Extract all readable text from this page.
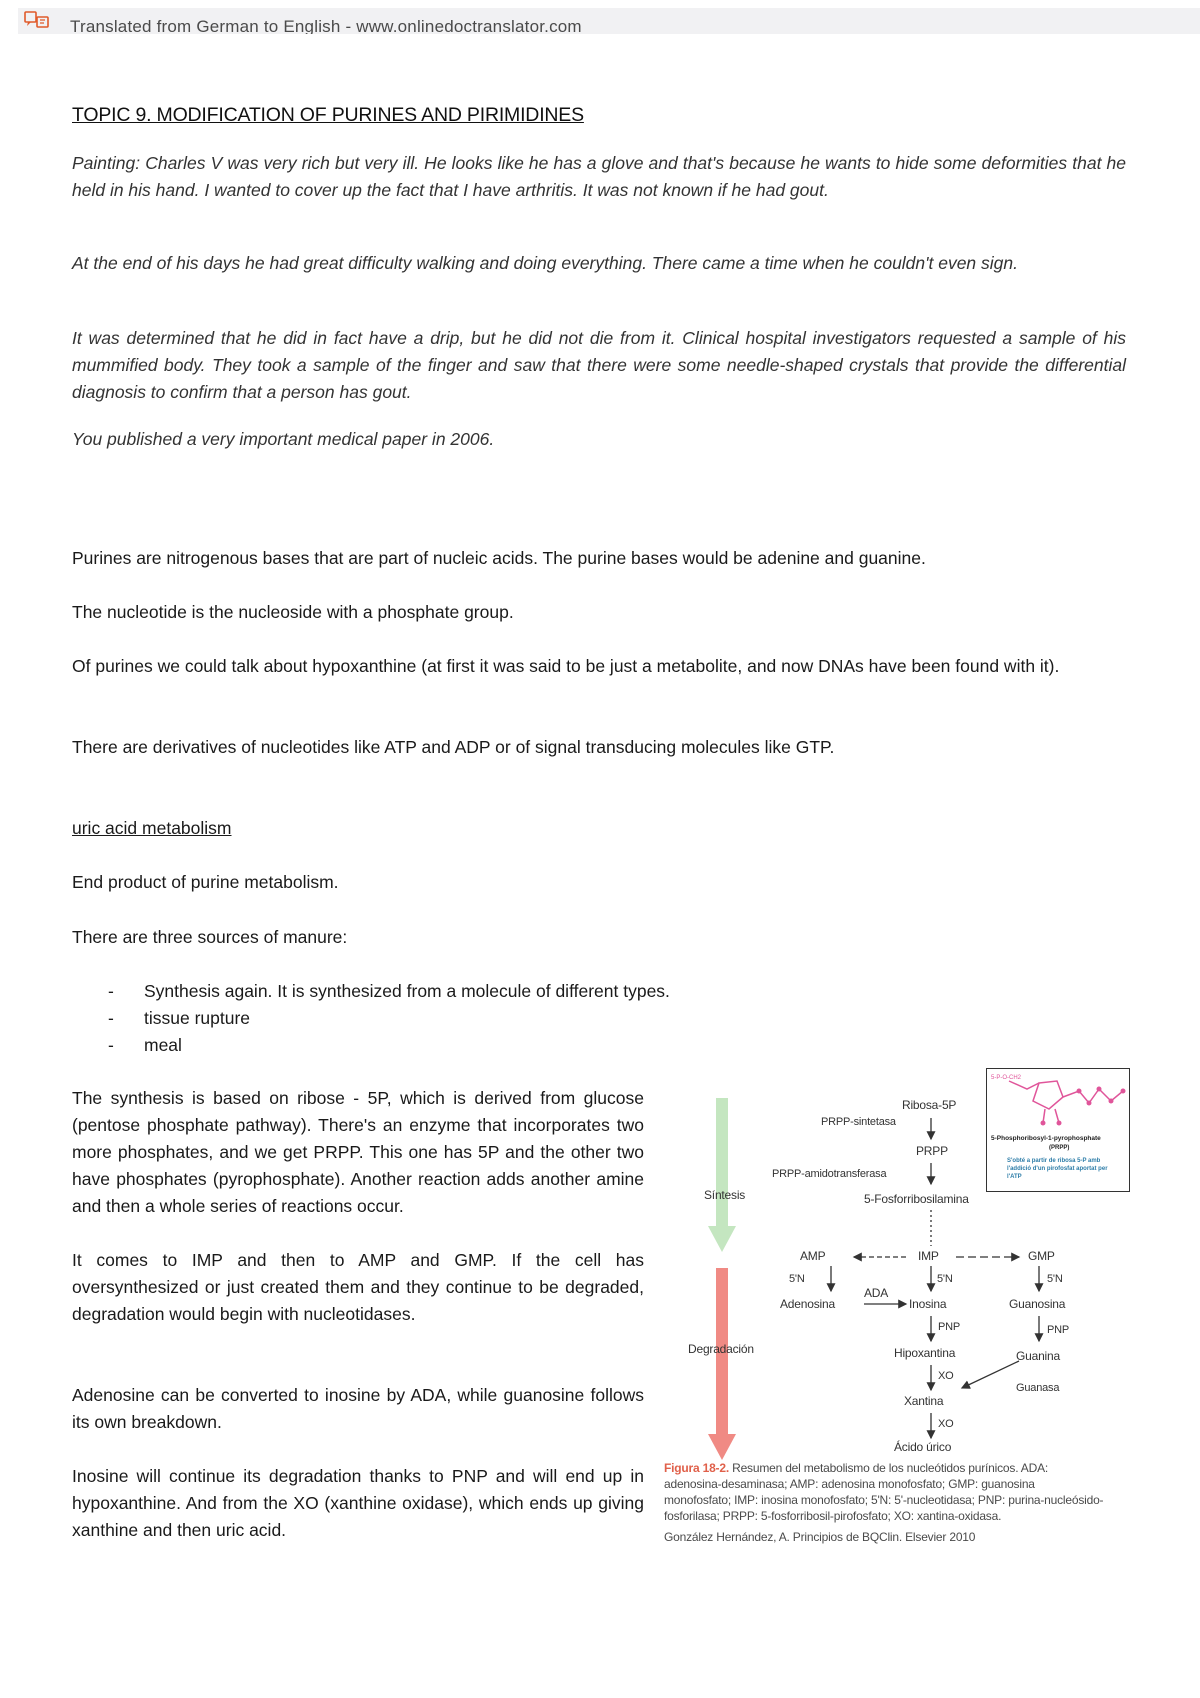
Translated from German to English - www.onlinedoctranslator.com
TOPIC 9. MODIFICATION OF PURINES AND PIRIMIDINES

Painting: Charles V was very rich but very ill. He looks like he has a glove and that's because he wants to hide some deformities that he held in his hand. I wanted to cover up the fact that I have arthritis. It was not known if he had gout.

At the end of his days he had great difficulty walking and doing everything. There came a time when he couldn't even sign.

It was determined that he did in fact have a drip, but he did not die from it. Clinical hospital investigators requested a sample of his mummified body. They took a sample of the finger and saw that there were some needle-shaped crystals that provide the differential diagnosis to confirm that a person has gout.

You published a very important medical paper in 2006.

Purines are nitrogenous bases that are part of nucleic acids. The purine bases would be adenine and guanine.

The nucleotide is the nucleoside with a phosphate group.

Of purines we could talk about hypoxanthine (at first it was said to be just a metabolite, and now DNAs have been found with it).

There are derivatives of nucleotides like ATP and ADP or of signal transducing molecules like GTP.

uric acid metabolism

End product of purine metabolism.

There are three sources of manure:

- Synthesis again. It is synthesized from a molecule of different types.
- tissue rupture
- meal

The synthesis is based on ribose - 5P, which is derived from glucose (pentose phosphate pathway). There's an enzyme that incorporates two more phosphates, and we get PRPP. This one has 5P and the other two have phosphates (pyrophosphate). Another reaction adds another amine and then a whole series of reactions occur.

It comes to IMP and then to AMP and GMP. If the cell has oversynthesized or just created them and they continue to be degraded, degradation would begin with nucleotidases.

Adenosine can be converted to inosine by ADA, while guanosine follows its own breakdown.

Inosine will continue its degradation thanks to PNP and will end up in hypoxanthine. And from the XO (xanthine oxidase), which ends up giving xanthine and then uric acid.

Ribosa-5P
PRPP-sintetasa
PRPP
PRPP-amidotransferasa
5-Fosforribosilamina
Síntesis
Degradación
AMP	IMP	GMP
5'N	5'N	5'N
ADA
Adenosina	Inosina	Guanosina
PNP	PNP
Hipoxantina	Guanina
XO
Guanasa
Xantina
XO
Ácido úrico
5-P-O-CH2
5-Phosphoribosyl-1-pyrophosphate
(PRPP)
S'obté a partir de ribosa 5-P amb l'addició d'un pirofosfat aportat per l'ATP
Figura 18-2. Resumen del metabolismo de los nucleótidos purínicos. ADA: adenosina-desaminasa; AMP: adenosina monofosfato; GMP: guanosina monofosfato; IMP: inosina monofosfato; 5'N: 5'-nucleotidasa; PNP: purina-nucleósido-fosforilasa; PRPP: 5-fosforribosil-pirofosfato; XO: xantina-oxidasa.
González Hernández, A. Principios de BQClin. Elsevier 2010
